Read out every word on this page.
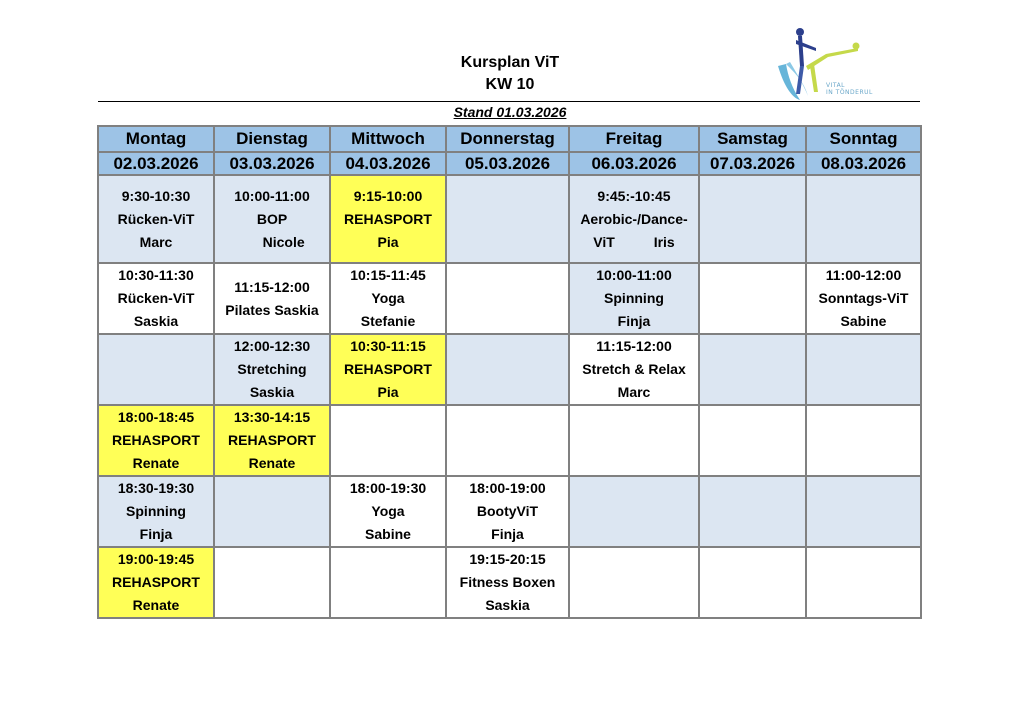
Kursplan ViT
KW 10
Stand 01.03.2026
VITAL
IN TÖNDERUL
Montag	Dienstag	Mittwoch	Donnerstag	Freitag	Samstag	Sonntag
02.03.2026	03.03.2026	04.03.2026	05.03.2026	06.03.2026	07.03.2026	08.03.2026

9:30-10:30
Rücken-ViT
Marc	10:00-11:00
BOP
Nicole	9:15-10:00
REHASPORT
Pia		9:45:-10:45
Aerobic-/Dance-
ViT          Iris		

10:30-11:30
Rücken-ViT
Saskia	11:15-12:00
Pilates Saskia	10:15-11:45
Yoga
Stefanie		10:00-11:00
Spinning
Finja		11:00-12:00
Sonntags-ViT
Sabine

	12:00-12:30
Stretching
Saskia	10:30-11:15
REHASPORT
Pia		11:15-12:00
Stretch & Relax
Marc		

18:00-18:45
REHASPORT
Renate	13:30-14:15
REHASPORT
Renate					

18:30-19:30
Spinning
Finja		18:00-19:30
Yoga
Sabine	18:00-19:00
BootyViT
Finja			

19:00-19:45
REHASPORT
Renate			19:15-20:15
Fitness Boxen
Saskia			
